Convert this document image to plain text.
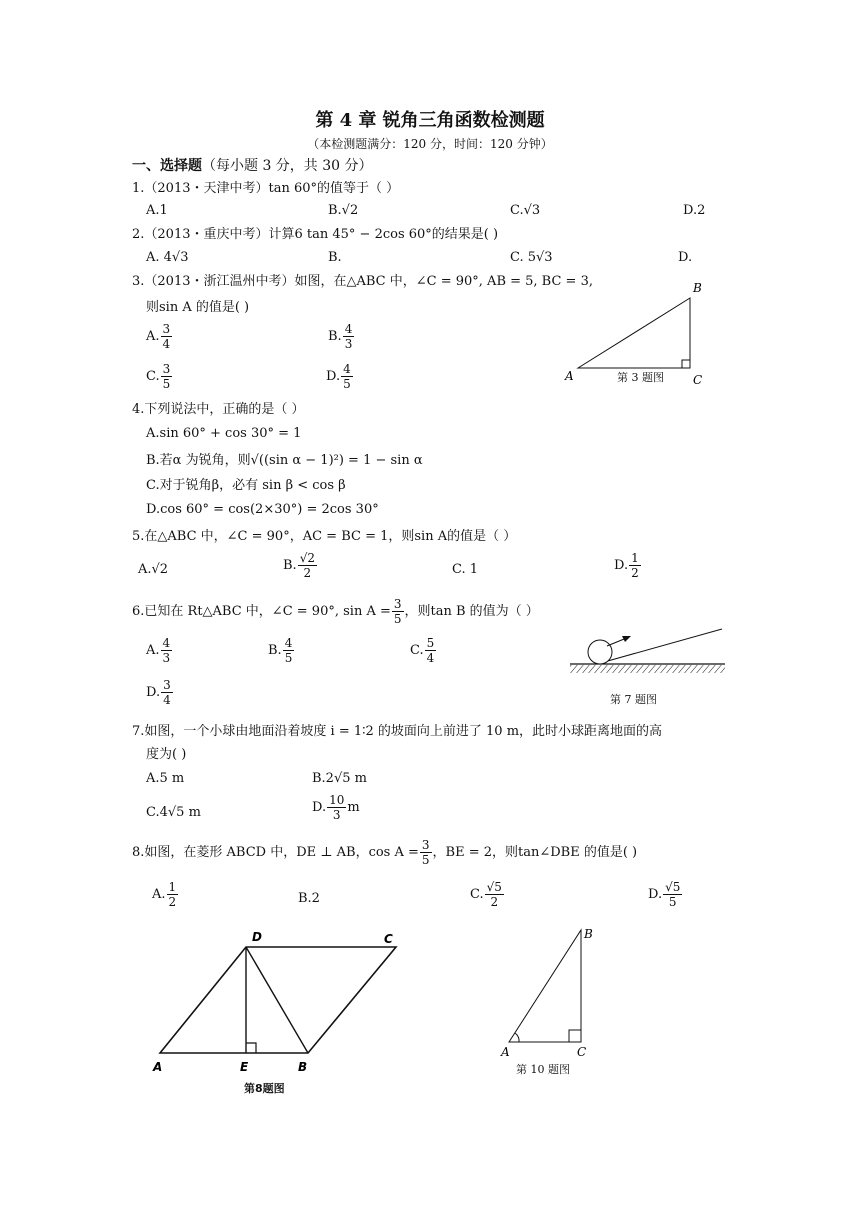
第 4 章 锐角三角函数检测题
（本检测题满分：120 分，时间：120 分钟）
一、选择题（每小题 3 分，共 30 分）
1.（2013・天津中考）tan 60°的值等于（ ）
A.1	B.√2	C.√3	D.2
2.（2013・重庆中考）计算6 tan 45° − 2cos 60°的结果是( )
A. 4√3	B.	C. 5√3	D.
3.（2013・浙江温州中考）如图，在△ABC 中，∠C = 90°, AB = 5, BC = 3,
则sin A 的值是( )
A. $\frac{3}{4}$	B. $\frac{4}{3}$
C. $\frac{3}{5}$	D. $\frac{4}{5}$	A
B
C
第 3 题图
4.下列说法中，正确的是（ ）
A.sin 60° + cos 30° = 1
B.若α 为锐角，则√((sin α − 1)²) = 1 − sin α
C.对于锐角β，必有 sin β < cos β
D.cos 60° = cos(2×30°) = 2cos 30°
5.在△ABC 中，∠C = 90°，AC = BC = 1，则sin A的值是（ ）
A.√2	B. $\frac{√2}{2}$	C. 1	D. $\frac{1}{2}$
6.已知在 Rt△ABC 中，∠C = 90°, $\sin A = \frac{3}{5}$ ，则tan B 的值为（ ）
A. $\frac{4}{3}$	B. $\frac{4}{5}$	C. $\frac{5}{4}$
D. $\frac{3}{4}$	第 7 题图
7.如图，一个小球由地面沿着坡度 i = 1∶2 的坡面向上前进了 10 m，此时小球距离地面的高
度为( )
A.5 m	B.2√5 m
C.4√5 m	D. $\frac{10}{3}$ m
8.如图，在菱形 ABCD 中，DE ⊥ AB，$\cos A = \frac{3}{5}$ ，BE = 2，则tan∠DBE 的值是( )
A. $\frac{1}{2}$	B.2	C. $\frac{√5}{2}$	D. $\frac{√5}{5}$
A	E	B
D	C
第8题图
A
B
C
第 10 题图
